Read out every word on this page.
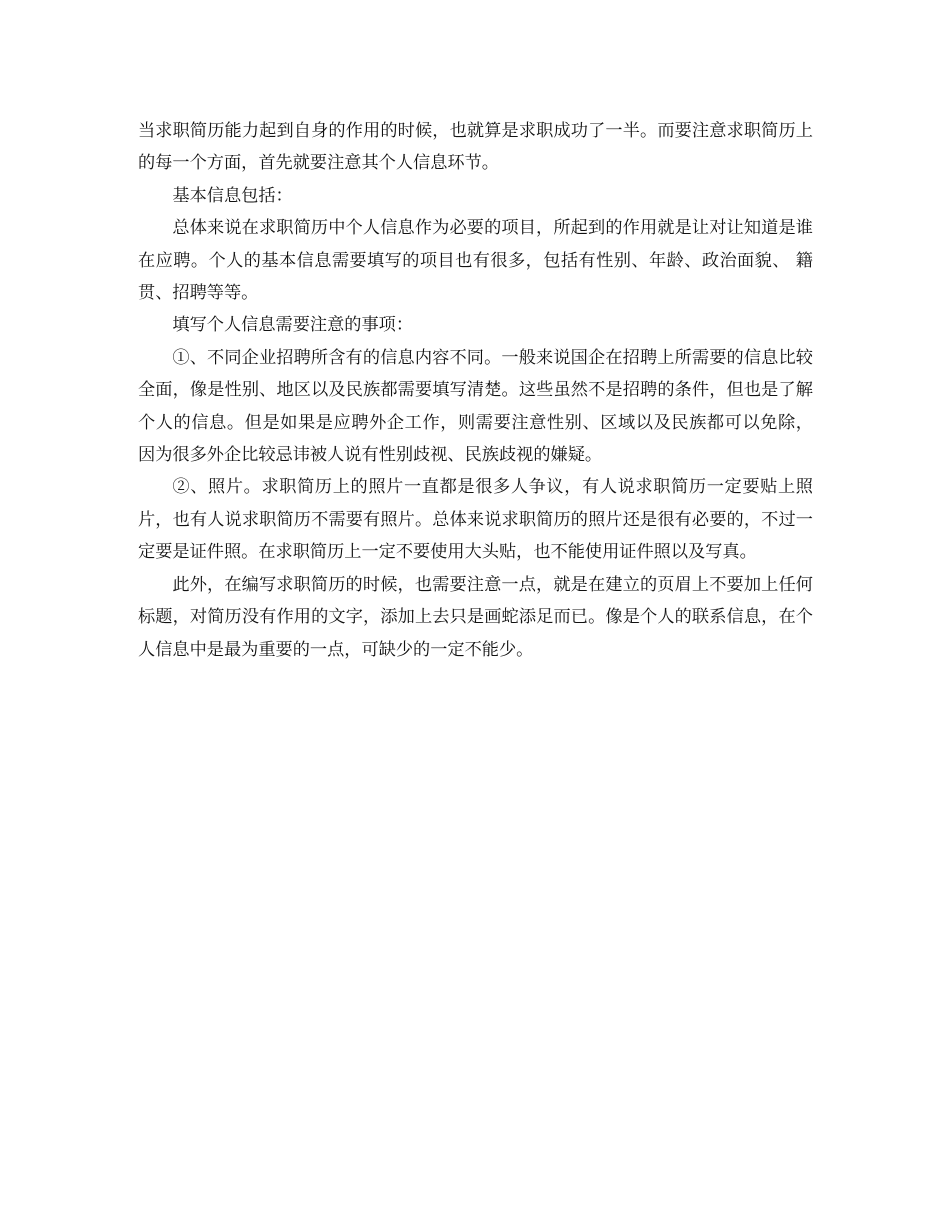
当求职简历能力起到自身的作用的时候，也就算是求职成功了一半。而要注意求职简历上的每一个方面，首先就要注意其个人信息环节。

基本信息包括：

总体来说在求职简历中个人信息作为必要的项目，所起到的作用就是让对让知道是谁在应聘。个人的基本信息需要填写的项目也有很多，包括有性别、年龄、政治面貌、 籍贯、招聘等等。

填写个人信息需要注意的事项：

①、不同企业招聘所含有的信息内容不同。一般来说国企在招聘上所需要的信息比较全面，像是性别、地区以及民族都需要填写清楚。这些虽然不是招聘的条件，但也是了解个人的信息。但是如果是应聘外企工作，则需要注意性别、区域以及民族都可以免除， 因为很多外企比较忌讳被人说有性别歧视、民族歧视的嫌疑。

②、照片。求职简历上的照片一直都是很多人争议，有人说求职简历一定要贴上照片，也有人说求职简历不需要有照片。总体来说求职简历的照片还是很有必要的，不过一定要是证件照。在求职简历上一定不要使用大头贴，也不能使用证件照以及写真。

此外，在编写求职简历的时候，也需要注意一点，就是在建立的页眉上不要加上任何标题，对简历没有作用的文字，添加上去只是画蛇添足而已。像是个人的联系信息，在个人信息中是最为重要的一点，可缺少的一定不能少。
